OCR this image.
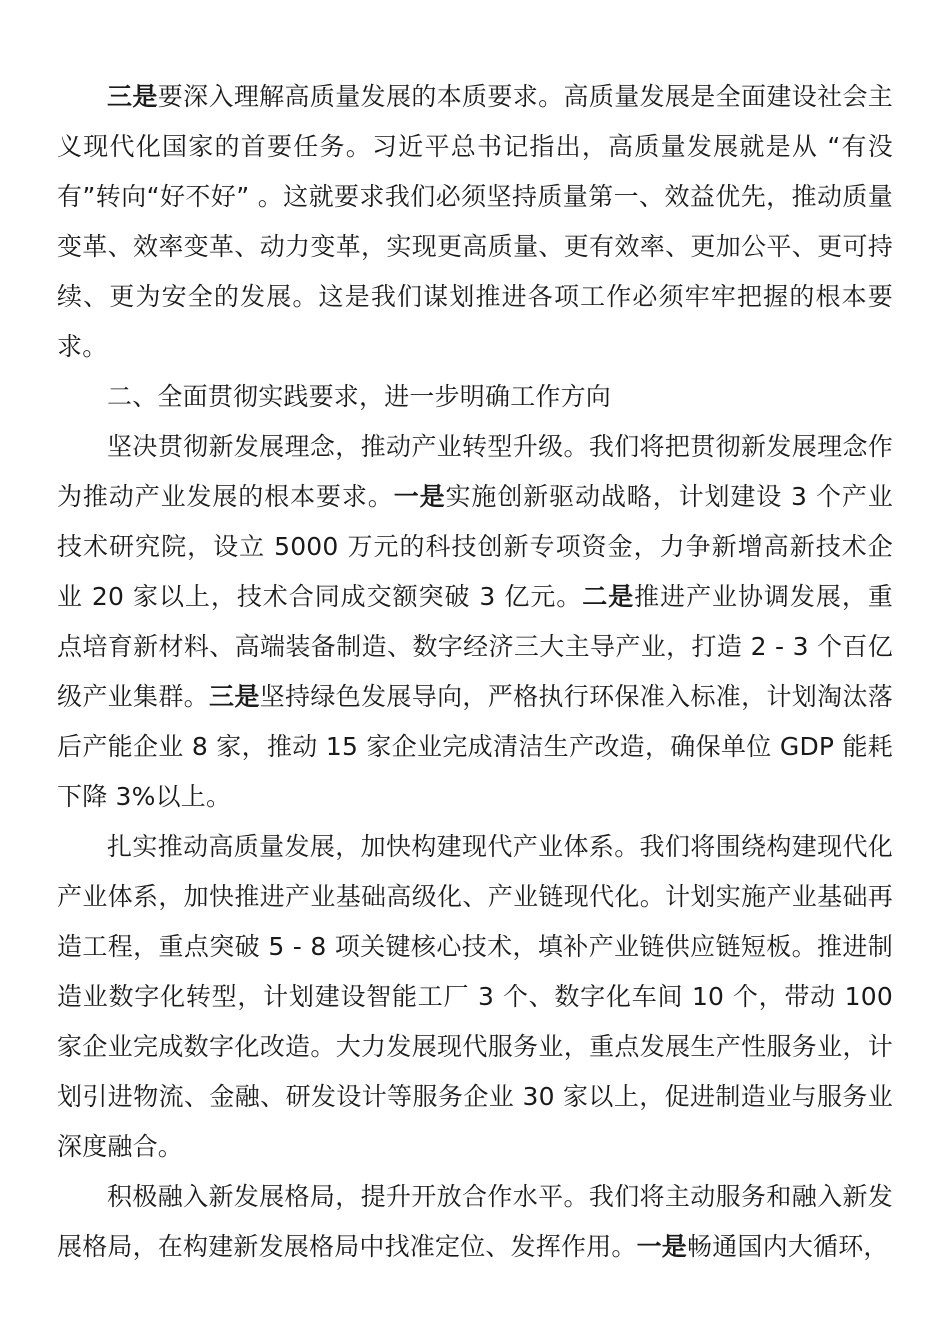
三是要深入理解高质量发展的本质要求。高质量发展是全面建设社会主义现代化国家的首要任务。习近平总书记指出，高质量发展就是从 “有没有”转向“好不好” 。这就要求我们必须坚持质量第一、效益优先，推动质量变革、效率变革、动力变革，实现更高质量、更有效率、更加公平、更可持续、更为安全的发展。这是我们谋划推进各项工作必须牢牢把握的根本要求。

二、全面贯彻实践要求，进一步明确工作方向

坚决贯彻新发展理念，推动产业转型升级。我们将把贯彻新发展理念作为推动产业发展的根本要求。一是实施创新驱动战略，计划建设 3 个产业技术研究院，设立 5000 万元的科技创新专项资金，力争新增高新技术企业 20 家以上，技术合同成交额突破 3 亿元。二是推进产业协调发展，重点培育新材料、高端装备制造、数字经济三大主导产业，打造 2 - 3 个百亿级产业集群。三是坚持绿色发展导向，严格执行环保准入标准，计划淘汰落后产能企业 8 家，推动 15 家企业完成清洁生产改造，确保单位 GDP 能耗下降 3%以上。

扎实推动高质量发展，加快构建现代产业体系。我们将围绕构建现代化产业体系，加快推进产业基础高级化、产业链现代化。计划实施产业基础再造工程，重点突破 5 - 8 项关键核心技术，填补产业链供应链短板。推进制造业数字化转型，计划建设智能工厂 3 个、数字化车间 10 个，带动 100 家企业完成数字化改造。大力发展现代服务业，重点发展生产性服务业，计划引进物流、金融、研发设计等服务企业 30 家以上，促进制造业与服务业深度融合。

积极融入新发展格局，提升开放合作水平。我们将主动服务和融入新发展格局，在构建新发展格局中找准定位、发挥作用。一是畅通国内大循环，
